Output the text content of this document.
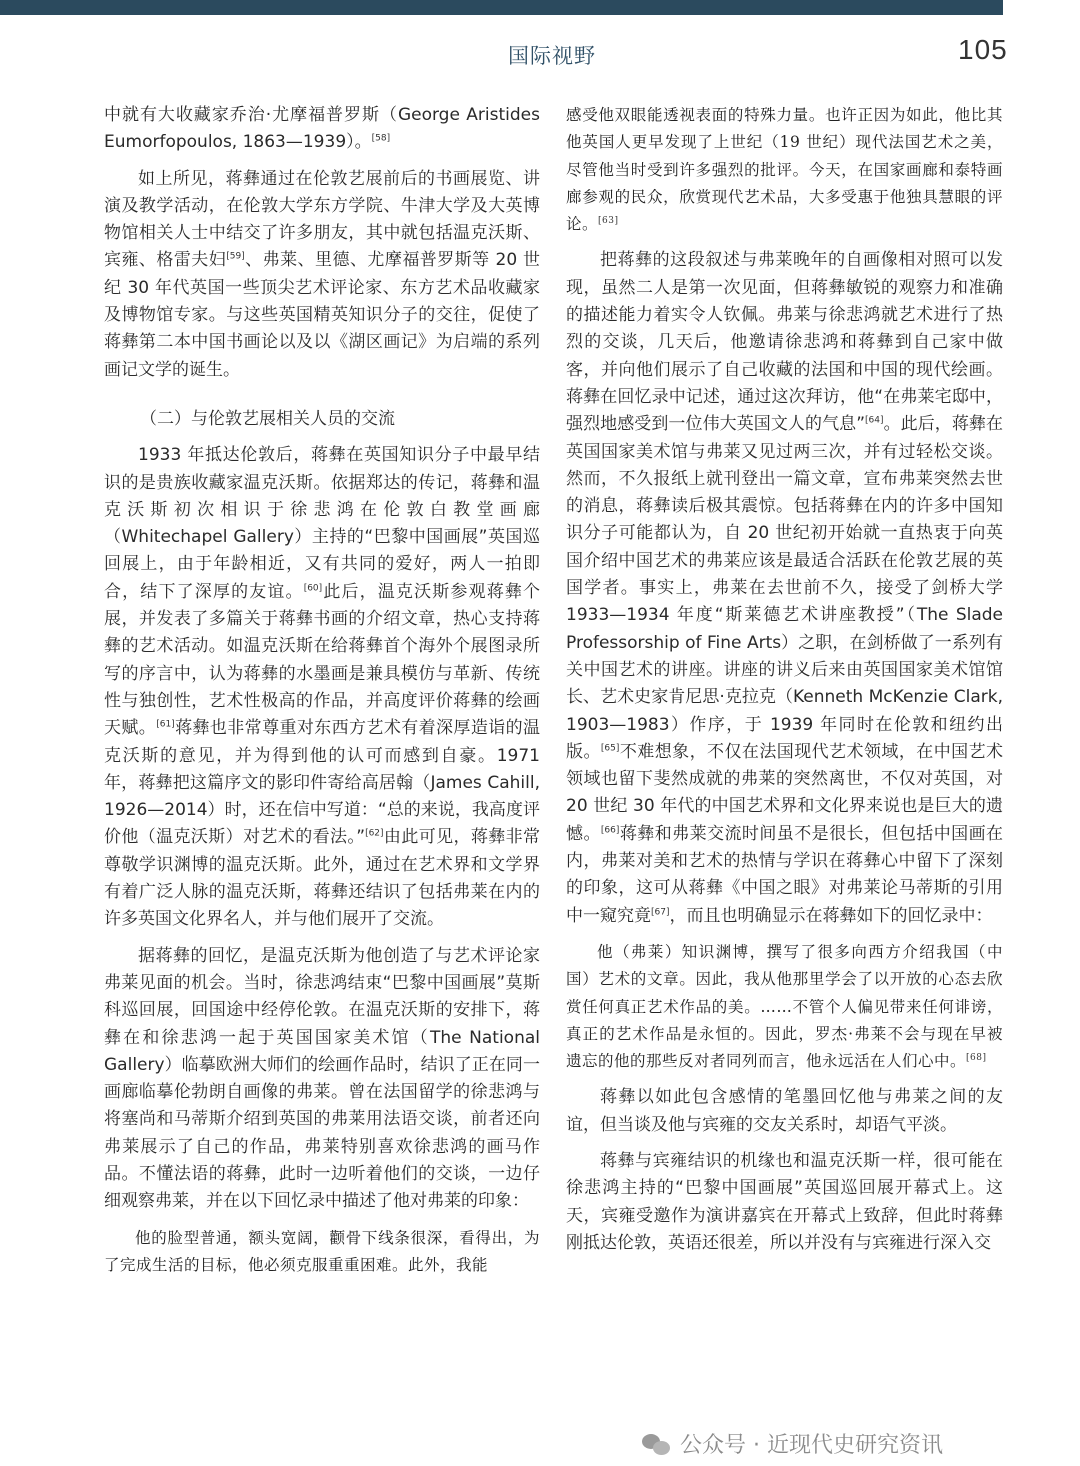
国际视野	105

中就有大收藏家乔治·尤摩福普罗斯（George Aristides Eumorfopoulos, 1863—1939）。[58]

如上所见，蒋彝通过在伦敦艺展前后的书画展览、讲演及教学活动，在伦敦大学东方学院、牛津大学及大英博物馆相关人士中结交了许多朋友，其中就包括温克沃斯、宾雍、格雷夫妇[59]、弗莱、里德、尤摩福普罗斯等 20 世纪 30 年代英国一些顶尖艺术评论家、东方艺术品收藏家及博物馆专家。与这些英国精英知识分子的交往，促使了蒋彝第二本中国书画论以及以《湖区画记》为启端的系列画记文学的诞生。

（二）与伦敦艺展相关人员的交流

1933 年抵达伦敦后，蒋彝在英国知识分子中最早结识的是贵族收藏家温克沃斯。依据郑达的传记，蒋彝和温克沃斯初次相识于徐悲鸿在伦敦白教堂画廊（Whitechapel Gallery）主持的“巴黎中国画展”英国巡回展上，由于年龄相近，又有共同的爱好，两人一拍即合，结下了深厚的友谊。[60]此后，温克沃斯参观蒋彝个展，并发表了多篇关于蒋彝书画的介绍文章，热心支持蒋彝的艺术活动。如温克沃斯在给蒋彝首个海外个展图录所写的序言中，认为蒋彝的水墨画是兼具模仿与革新、传统性与独创性，艺术性极高的作品，并高度评价蒋彝的绘画天赋。[61]蒋彝也非常尊重对东西方艺术有着深厚造诣的温克沃斯的意见，并为得到他的认可而感到自豪。1971 年，蒋彝把这篇序文的影印件寄给高居翰（James Cahill, 1926—2014）时，还在信中写道：“总的来说，我高度评价他（温克沃斯）对艺术的看法。”[62]由此可见，蒋彝非常尊敬学识渊博的温克沃斯。此外，通过在艺术界和文学界有着广泛人脉的温克沃斯，蒋彝还结识了包括弗莱在内的许多英国文化界名人，并与他们展开了交流。

据蒋彝的回忆，是温克沃斯为他创造了与艺术评论家弗莱见面的机会。当时，徐悲鸿结束“巴黎中国画展”莫斯科巡回展，回国途中经停伦敦。在温克沃斯的安排下，蒋彝在和徐悲鸿一起于英国国家美术馆（The National Gallery）临摹欧洲大师们的绘画作品时，结识了正在同一画廊临摹伦勃朗自画像的弗莱。曾在法国留学的徐悲鸿与将塞尚和马蒂斯介绍到英国的弗莱用法语交谈，前者还向弗莱展示了自己的作品，弗莱特别喜欢徐悲鸿的画马作品。不懂法语的蒋彝，此时一边听着他们的交谈，一边仔细观察弗莱，并在以下回忆录中描述了他对弗莱的印象：

他的脸型普通，额头宽阔，颧骨下线条很深，看得出，为了完成生活的目标，他必须克服重重困难。此外，我能

感受他双眼能透视表面的特殊力量。也许正因为如此，他比其他英国人更早发现了上世纪（19 世纪）现代法国艺术之美，尽管他当时受到许多强烈的批评。今天，在国家画廊和泰特画廊参观的民众，欣赏现代艺术品，大多受惠于他独具慧眼的评论。[63]

把蒋彝的这段叙述与弗莱晚年的自画像相对照可以发现，虽然二人是第一次见面，但蒋彝敏锐的观察力和准确的描述能力着实令人钦佩。弗莱与徐悲鸿就艺术进行了热烈的交谈，几天后，他邀请徐悲鸿和蒋彝到自己家中做客，并向他们展示了自己收藏的法国和中国的现代绘画。蒋彝在回忆录中记述，通过这次拜访，他“在弗莱宅邸中，强烈地感受到一位伟大英国文人的气息”[64]。此后，蒋彝在英国国家美术馆与弗莱又见过两三次，并有过轻松交谈。然而，不久报纸上就刊登出一篇文章，宣布弗莱突然去世的消息，蒋彝读后极其震惊。包括蒋彝在内的许多中国知识分子可能都认为，自 20 世纪初开始就一直热衷于向英国介绍中国艺术的弗莱应该是最适合活跃在伦敦艺展的英国学者。事实上，弗莱在去世前不久，接受了剑桥大学 1933—1934 年度“斯莱德艺术讲座教授”（The Slade Professorship of Fine Arts）之职，在剑桥做了一系列有关中国艺术的讲座。讲座的讲义后来由英国国家美术馆馆长、艺术史家肯尼思·克拉克（Kenneth McKenzie Clark, 1903—1983）作序，于 1939 年同时在伦敦和纽约出版。[65]不难想象，不仅在法国现代艺术领域，在中国艺术领域也留下斐然成就的弗莱的突然离世，不仅对英国，对 20 世纪 30 年代的中国艺术界和文化界来说也是巨大的遗憾。[66]蒋彝和弗莱交流时间虽不是很长，但包括中国画在内，弗莱对美和艺术的热情与学识在蒋彝心中留下了深刻的印象，这可从蒋彝《中国之眼》对弗莱论马蒂斯的引用中一窥究竟[67]，而且也明确显示在蒋彝如下的回忆录中：

他（弗莱）知识渊博，撰写了很多向西方介绍我国（中国）艺术的文章。因此，我从他那里学会了以开放的心态去欣赏任何真正艺术作品的美。……不管个人偏见带来任何诽谤，真正的艺术作品是永恒的。因此，罗杰·弗莱不会与现在早被遗忘的他的那些反对者同列而言，他永远活在人们心中。[68]

蒋彝以如此包含感情的笔墨回忆他与弗莱之间的友谊，但当谈及他与宾雍的交友关系时，却语气平淡。

蒋彝与宾雍结识的机缘也和温克沃斯一样，很可能在徐悲鸿主持的“巴黎中国画展”英国巡回展开幕式上。这天，宾雍受邀作为演讲嘉宾在开幕式上致辞，但此时蒋彝刚抵达伦敦，英语还很差，所以并没有与宾雍进行深入交

公众号 · 近现代史研究资讯
